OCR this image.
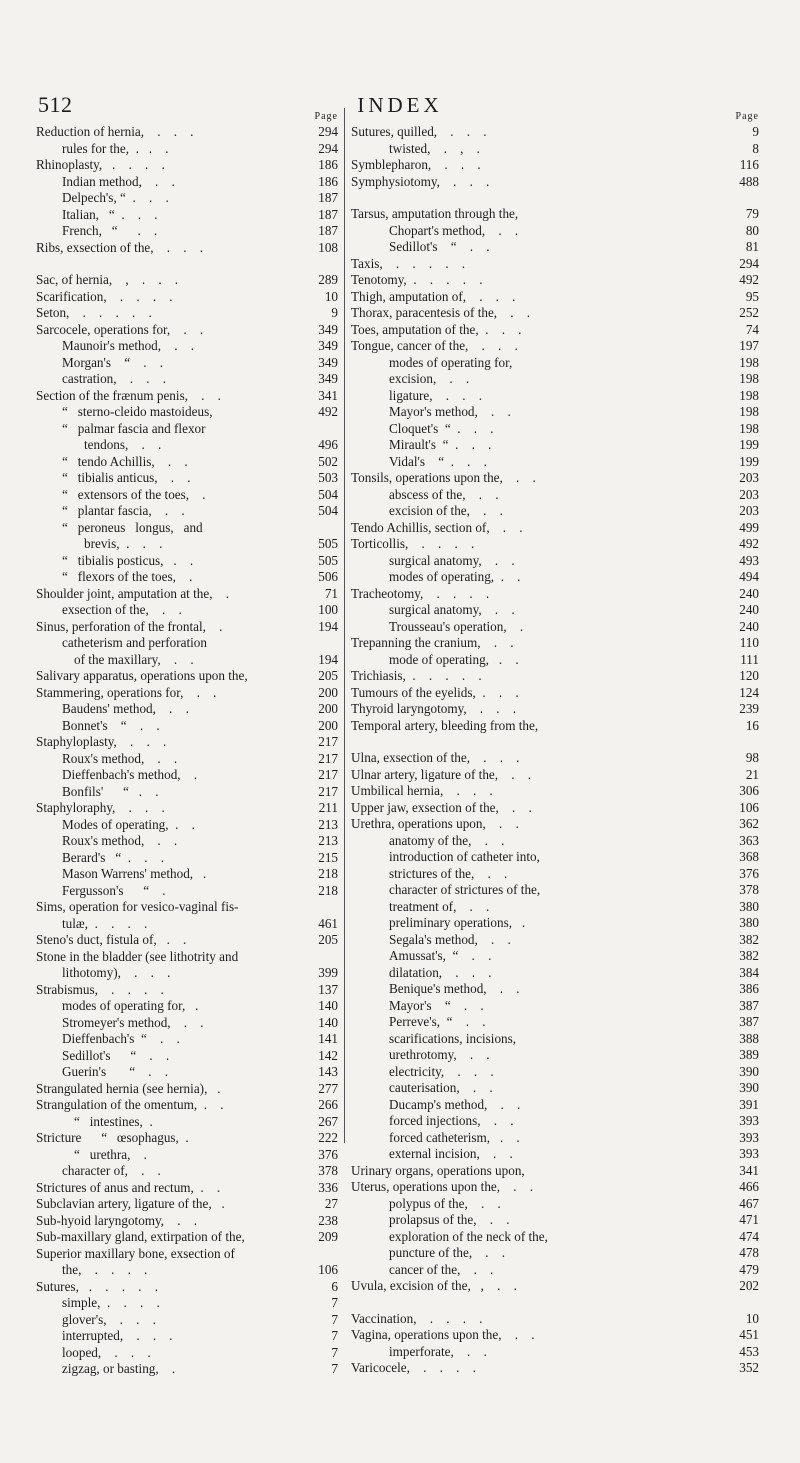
512	INDEX
Page
Reduction of hernia,    .    .    .	294
rules for the,  .   .    .	294
Rhinoplasty,   .    .    .    .	186
Indian method,    .    .	186
Delpech's, “  .    .    .	187
Italian,   “  .    .    .	187
French,   “      .    .	187
Ribs, exsection of the,    .    .    .	108
Sac, of hernia,    ,    .    .    .	289
Scarification,    .    .    .    .	10
Seton,    .    .    .    .    .	9
Sarcocele, operations for,    .    .	349
Maunoir's method,    .    .	349
Morgan's    “    .    .	349
castration,    .    .    .	349
Section of the frænum penis,    .    .	341
“   sterno-cleido mastoideus,	492
“   palmar fascia and flexor
tendons,    .    .	496
“   tendo Achillis,    .    .	502
“   tibialis anticus,    .    .	503
“   extensors of the toes,    .	504
“   plantar fascia,    .    .	504
“   peroneus   longus,   and
brevis,  .    .    .	505
“   tibialis posticus,   .    .	505
“   flexors of the toes,    .	506
Shoulder joint, amputation at the,    .	71
exsection of the,    .    .	100
Sinus, perforation of the frontal,    .	194
catheterism and perforation
of the maxillary,    .    .	194
Salivary apparatus, operations upon the,	205
Stammering, operations for,    .    .	200
Baudens' method,    .    .	200
Bonnet's    “    .    .	200
Staphyloplasty,    .    .    .	217
Roux's method,    .    .	217
Dieffenbach's method,    .	217
Bonfils'      “   .    .	217
Staphyloraphy,    .    .    .	211
Modes of operating,  .    .	213
Roux's method,    .    .	213
Berard's   “  .    .    .	215
Mason Warrens' method,   .	218
Fergusson's      “    .	218
Sims, operation for vesico-vaginal fis-
tulæ,  .    .    .    .	461
Steno's duct, fistula of,   .    .	205
Stone in the bladder (see lithotrity and
lithotomy),    .    .    .	399
Strabismus,    .    .    .    .	137
modes of operating for,   .	140
Stromeyer's method,    .    .	140
Dieffenbach's  “    .    .	141
Sedillot's      “    .    .	142
Guerin's       “    .    .	143
Strangulated hernia (see hernia),   .	277
Strangulation of the omentum,  .    .	266
“   intestines,  .	267
Stricture      “   œsophagus,  .	222
“   urethra,    .	376
character of,    .    .	378
Strictures of anus and rectum,  .    .	336
Subclavian artery, ligature of the,   .	27
Sub-hyoid laryngotomy,    .    .	238
Sub-maxillary gland, extirpation of the,	209
Superior maxillary bone, exsection of
the,    .    .    .    .	106
Sutures,   .    .    .    .    .	6
simple,  .    .    .    .	7
glover's,    .    .    .	7
interrupted,    .    .    .	7
looped,    .    .    .	7
zigzag, or basting,    .	7
Page
Sutures, quilled,    .    .    .	9
twisted,    .    ,    .	8
Symblepharon,    .    .    .	116
Symphysiotomy,    .    .    .	488
Tarsus, amputation through the,	79
Chopart's method,    .    .	80
Sedillot's    “    .    .	81
Taxis,    .    .    .    .    .	294
Tenotomy,  .    .    .    .    .	492
Thigh, amputation of,    .    .    .	95
Thorax, paracentesis of the,    .    .	252
Toes, amputation of the,  .    .    .	74
Tongue, cancer of the,    .    .    .	197
modes of operating for,	198
excision,    .    .	198
ligature,    .    .    .	198
Mayor's method,    .    .	198
Cloquet's  “  .    .    .	198
Mirault's  “  .    .    .	199
Vidal's    “  .    .    .	199
Tonsils, operations upon the,    .    .	203
abscess of the,    .    .	203
excision of the,    .    .	203
Tendo Achillis, section of,    .    .	499
Torticollis,    .    .    .    .	492
surgical anatomy,    .    .	493
modes of operating,  .    .	494
Tracheotomy,    .    .    .    .	240
surgical anatomy,    .    .	240
Trousseau's operation,    .	240
Trepanning the cranium,    .    .	110
mode of operating,   .    .	111
Trichiasis,  .    .    .    .    .	120
Tumours of the eyelids,  .    .    .	124
Thyroid laryngotomy,    .    .    .	239
Temporal artery, bleeding from the,	16
Ulna, exsection of the,    .    .    .	98
Ulnar artery, ligature of the,    .    .	21
Umbilical hernia,    .    .    .	306
Upper jaw, exsection of the,    .    .	106
Urethra, operations upon,    .    .	362
anatomy of the,    .    .	363
introduction of catheter into,	368
strictures of the,    .    .	376
character of strictures of the,	378
treatment of,    .    .	380
preliminary operations,   .	380
Segala's method,    .    .	382
Amussat's,  “    .    .	382
dilatation,    .    .    .	384
Benique's method,    .    .	386
Mayor's    “    .    .	387
Perreve's,  “    .    .	387
scarifications, incisions,	388
urethrotomy,    .    .	389
electricity,    .    .    .	390
cauterisation,    .    .	390
Ducamp's method,    .    .	391
forced injections,    .    .	393
forced catheterism,   .    .	393
external incision,    .    .	393
Urinary organs, operations upon,	341
Uterus, operations upon the,    .    .	466
polypus of the,    .    .	467
prolapsus of the,    .    .	471
exploration of the neck of the,	474
puncture of the,    .    .	478
cancer of the,    .    .	479
Uvula, excision of the,   ,    .    .	202
Vaccination,    .    .    .    .	10
Vagina, operations upon the,    .    .	451
imperforate,    .    .	453
Varicocele,    .    .    .    .	352
